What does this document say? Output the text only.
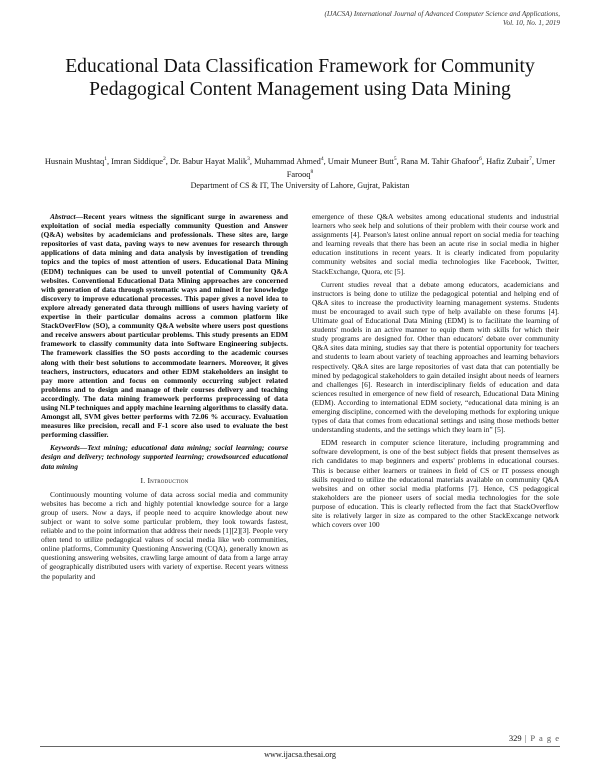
(IJACSA) International Journal of Advanced Computer Science and Applications,
Vol. 10, No. 1, 2019
Educational Data Classification Framework for Community Pedagogical Content Management using Data Mining
Husnain Mushtaq$^1$, Imran Siddique$^2$, Dr. Babur Hayat Malik$^3$, Muhammad Ahmed$^4$, Umair Muneer Butt$^5$, Rana M. Tahir Ghafoor$^6$, Hafiz Zubair$^7$, Umer Farooq$^8$
Department of CS & IT, The University of Lahore, Gujrat, Pakistan

Abstract—Recent years witness the significant surge in awareness and exploitation of social media especially community Question and Answer (Q&A) websites by academicians and professionals. These sites are, large repositories of vast data, paving ways to new avenues for research through applications of data mining and data analysis by investigation of trending topics and the topics of most attention of users. Educational Data Mining (EDM) techniques can be used to unveil potential of Community Q&A websites. Conventional Educational Data Mining approaches are concerned with generation of data through systematic ways and mined it for knowledge discovery to improve educational processes. This paper gives a novel idea to explore already generated data through millions of users having variety of expertise in their particular domains across a common platform like StackOverFlow (SO), a community Q&A website where users post questions and receive answers about particular problems. This study presents an EDM framework to classify community data into Software Engineering subjects. The framework classifies the SO posts according to the academic courses along with their best solutions to accommodate learners. Moreover, it gives teachers, instructors, educators and other EDM stakeholders an insight to pay more attention and focus on commonly occurring subject related problems and to design and manage of their courses delivery and teaching accordingly. The data mining framework performs preprocessing of data using NLP techniques and apply machine learning algorithms to classify data. Amongst all, SVM gives better performs with 72.06 % accuracy. Evaluation measures like precision, recall and F-1 score also used to evaluate the best performing classifier.

Keywords—Text mining; educational data mining; social learning; course design and delivery; technology supported learning; crowdsourced educational data mining

I. Introduction

Continuously mounting volume of data across social media and community websites has become a rich and highly potential knowledge source for a large group of users. Now a days, if people need to acquire knowledge about new subject or want to solve some particular problem, they look towards fastest, reliable and to the point information that address their needs [1][2][3]. People very often tend to utilize pedagogical values of social media like web communities, online platforms, Community Questioning Answering (CQA), generally known as questioning answering websites, crawling large amount of data from a large array of geographically distributed users with variety of expertise. Recent years witness the popularity and

emergence of these Q&A websites among educational students and industrial learners who seek help and solutions of their problem with their course work and assignments [4]. Pearson's latest online annual report on social media for teaching and learning reveals that there has been an acute rise in social media in higher education institutions in recent years. It is clearly indicated from popularity community websites and social media technologies like Facebook, Twitter, StackExchange, Quora, etc [5].

Current studies reveal that a debate among educators, academicians and instructors is being done to utilize the pedagogical potential and helping end of Q&A sites to increase the productivity learning management systems. Students must be encouraged to avail such type of help available on these forums [4]. Ultimate goal of Educational Data Mining (EDM) is to facilitate the learning of students' models in an active manner to equip them with skills for which their study programs are designed for. Other than educators' debate over community Q&A sites data mining, studies say that there is potential opportunity for teachers and students to learn about variety of teaching approaches and learning behaviors respectively. Q&A sites are large repositories of vast data that can potentially be mined by pedagogical stakeholders to gain detailed insight about needs of learners and challenges [6]. Research in interdisciplinary fields of education and data sciences resulted in emergence of new field of research, Educational Data Mining (EDM). According to international EDM society, “educational data mining is an emerging discipline, concerned with the developing methods for exploring unique types of data that comes from educational settings and using those methods better understanding students, and the settings which they learn in” [5].

EDM research in computer science literature, including programming and software development, is one of the best subject fields that present themselves as rich candidates to map beginners and experts' problems in educational courses. This is because either learners or trainees in field of CS or IT possess enough skills required to utilize the educational materials available on community Q&A websites and on other social media platforms [7]. Hence, CS pedagogical stakeholders are the pioneer users of social media technologies for the sole purpose of education. This is clearly reflected from the fact that StackOverflow site is relatively larger in size as compared to the other StackExcange network which covers over 100

329 | P a g e
www.ijacsa.thesai.org
